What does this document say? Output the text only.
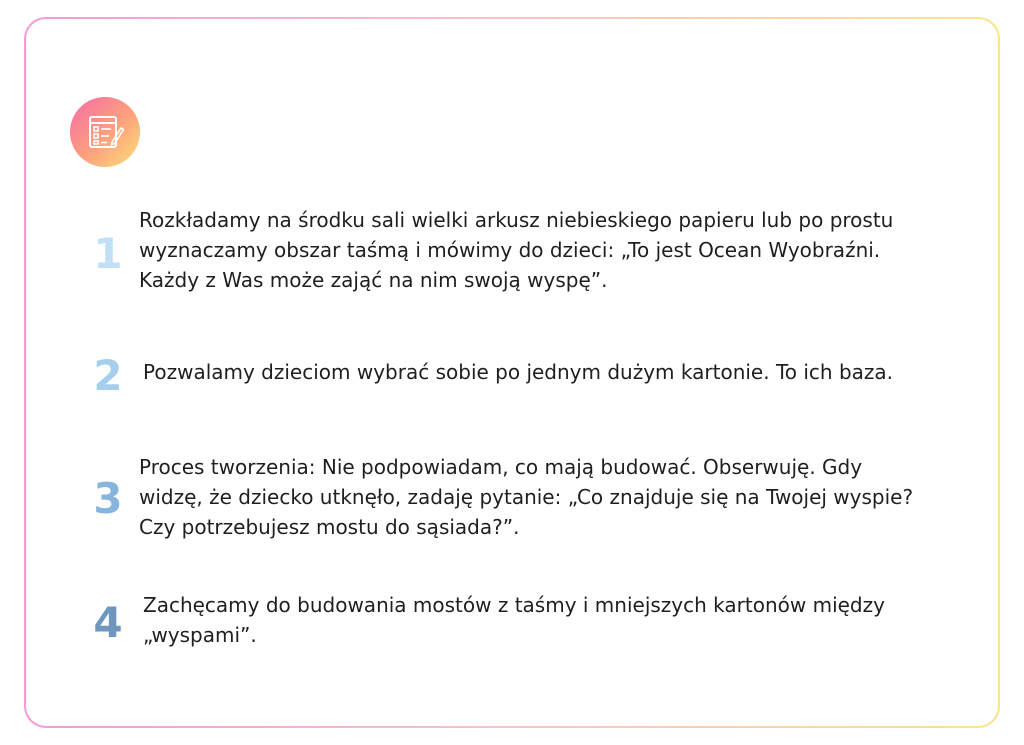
1
Rozkładamy na środku sali wielki arkusz niebieskiego papieru lub po prostu
wyznaczamy obszar taśmą i mówimy do dzieci: „To jest Ocean Wyobraźni.
Każdy z Was może zająć na nim swoją wyspę”.
2 Pozwalamy dzieciom wybrać sobie po jednym dużym kartonie. To ich baza.
3
Proces tworzenia: Nie podpowiadam, co mają budować. Obserwuję. Gdy
widzę, że dziecko utknęło, zadaję pytanie: „Co znajduje się na Twojej wyspie?
Czy potrzebujesz mostu do sąsiada?”.
4 Zachęcamy do budowania mostów z taśmy i mniejszych kartonów między
„wyspami”.
